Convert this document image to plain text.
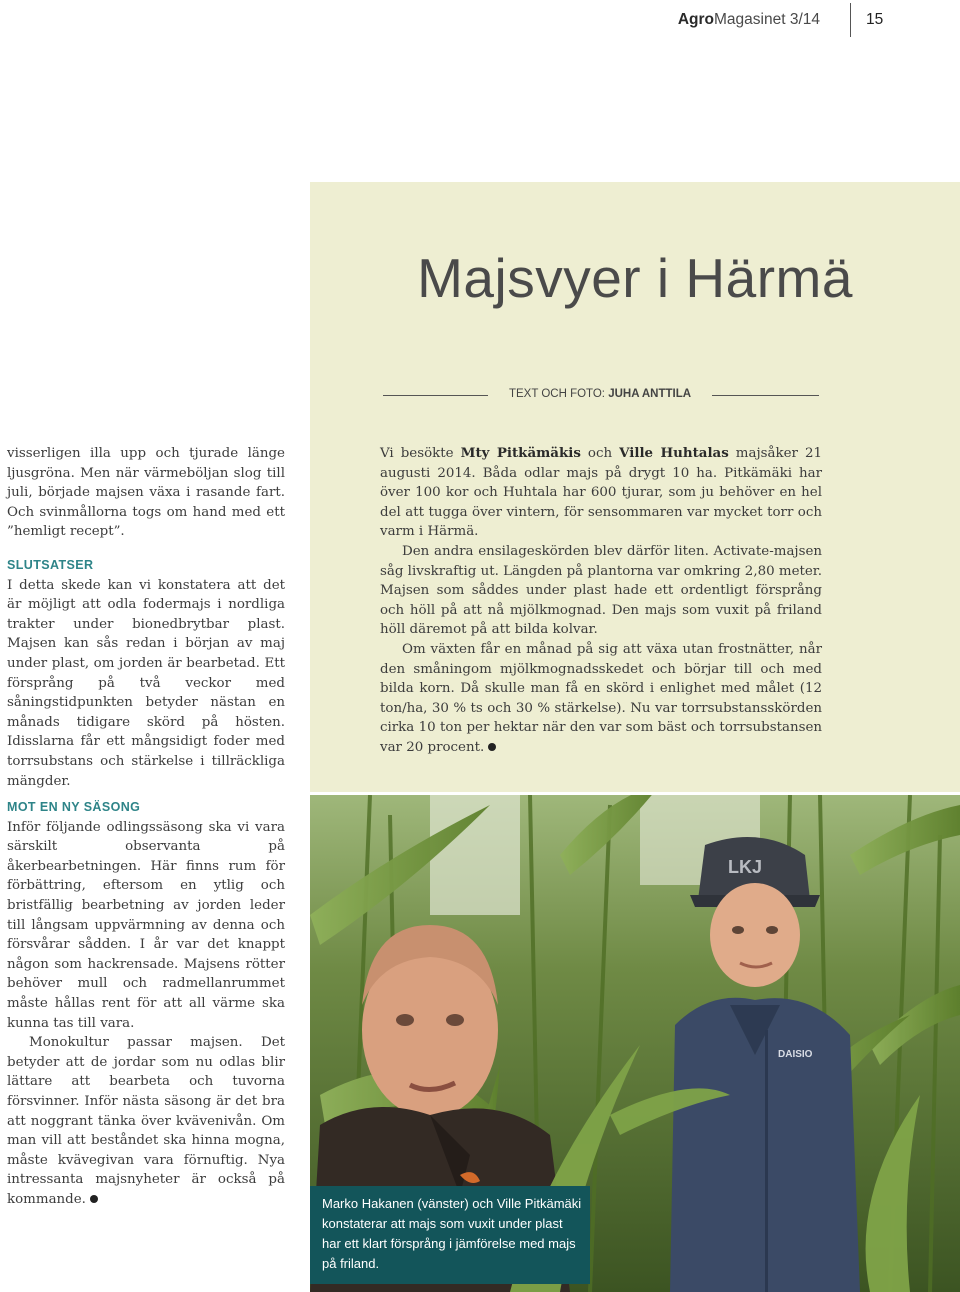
AgroMagasinet 3/14	15
Majsvyer i Härmä
TEXT OCH FOTO: JUHA ANTTILA

visserligen illa upp och tjurade länge ljusgröna. Men när värmeböljan slog till juli, började majsen växa i rasande fart. Och svinmållorna togs om hand med ett ”hemligt recept”.

SLUTSATSER

I detta skede kan vi konstatera att det är möjligt att odla fodermajs i nordliga trakter under bionedbrytbar plast. Majsen kan sås redan i början av maj under plast, om jorden är bearbetad. Ett försprång på två veckor med såningstidpunkten betyder nästan en månads tidigare skörd på hösten. Idisslarna får ett mångsidigt foder med torrsubstans och stärkelse i tillräckliga mängder.

MOT EN NY SÄSONG

Inför följande odlingssäsong ska vi vara särskilt observanta på åkerbearbetningen. Här finns rum för förbättring, eftersom en ytlig och bristfällig bearbetning av jorden leder till långsam uppvärmning av denna och försvårar sådden. I år var det knappt någon som hackrensade. Majsens rötter behöver mull och radmellanrummet måste hållas rent för att all värme ska kunna tas till vara.

Monokultur passar majsen. Det betyder att de jordar som nu odlas blir lättare att bearbeta och tuvorna försvinner. Inför nästa säsong är det bra att noggrant tänka över kvävenivån. Om man vill att beståndet ska hinna mogna, måste kvävegivan vara förnuftig. Nya intressanta majsnyheter är också på kommande.

Vi besökte Mty Pitkämäkis och Ville Huhtalas majsåker 21 augusti 2014. Båda odlar majs på drygt 10 ha. Pitkämäki har över 100 kor och Huhtala har 600 tjurar, som ju behöver en hel del att tugga över vintern, för sensommaren var mycket torr och varm i Härmä.

Den andra ensilageskörden blev därför liten. Activate-majsen såg livskraftig ut. Längden på plantorna var omkring 2,80 meter. Majsen som såddes under plast hade ett ordentligt försprång och höll på att nå mjölkmognad. Den majs som vuxit på friland höll däremot på att bilda kolvar.

Om växten får en månad på sig att växa utan frostnätter, når den småningom mjölkmognadsskedet och börjar till och med bilda korn. Då skulle man få en skörd i enlighet med målet (12 ton/ha, 30 % ts och 30 % stärkelse). Nu var torrsubstansskörden cirka 10 ton per hektar när den var som bäst och torrsubstansen var 20 procent.

LKJ
DAISIO
Marko Hakanen (vänster) och Ville Pitkämäki konstaterar att majs som vuxit under plast har ett klart försprång i jämförelse med majs på friland.
